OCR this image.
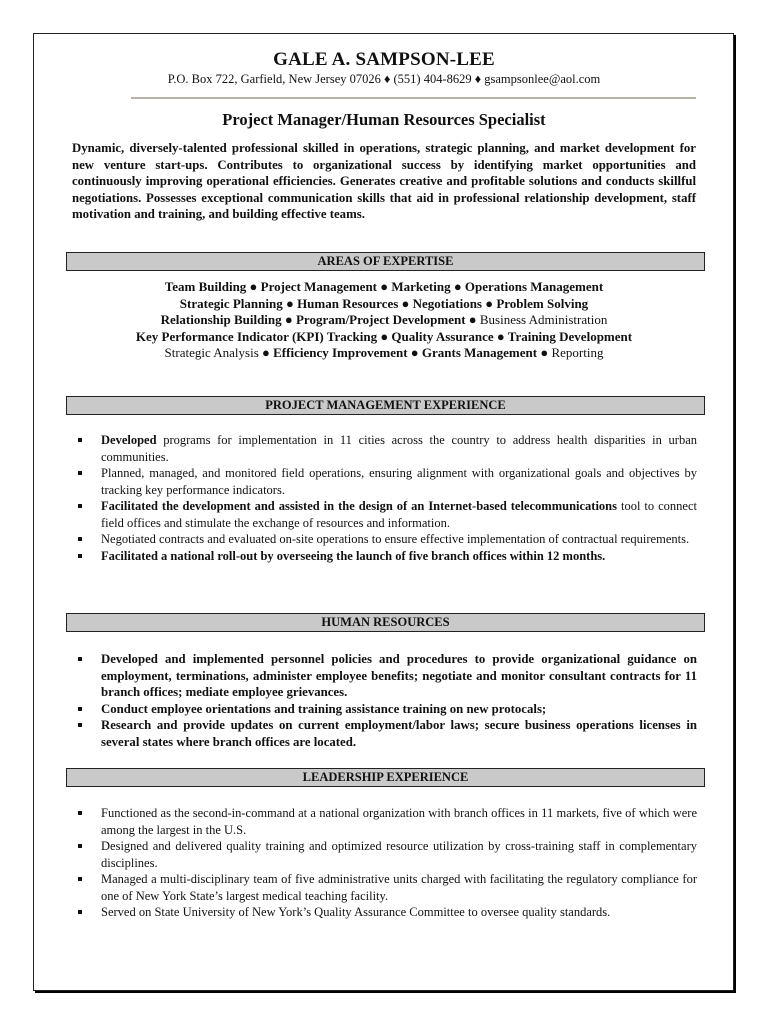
GALE A. SAMPSON-LEE
P.O. Box 722, Garfield, New Jersey 07026 ♦ (551) 404-8629 ♦ gsampsonlee@aol.com
Project Manager/Human Resources Specialist
Dynamic, diversely-talented professional skilled in operations, strategic planning, and market development for new venture start-ups. Contributes to organizational success by identifying market opportunities and continuously improving operational efficiencies. Generates creative and profitable solutions and conducts skillful negotiations. Possesses exceptional communication skills that aid in professional relationship development, staff motivation and training, and building effective teams.
AREAS OF EXPERTISE
Team Building ● Project Management ● Marketing ● Operations Management
Strategic Planning ● Human Resources ● Negotiations ● Problem Solving
Relationship Building ● Program/Project Development ● Business Administration
Key Performance Indicator (KPI) Tracking ● Quality Assurance ● Training Development
Strategic Analysis ● Efficiency Improvement ● Grants Management ● Reporting
PROJECT MANAGEMENT EXPERIENCE
Developed programs for implementation in 11 cities across the country to address health disparities in urban communities.
Planned, managed, and monitored field operations, ensuring alignment with organizational goals and objectives by tracking key performance indicators.
Facilitated the development and assisted in the design of an Internet-based telecommunications tool to connect field offices and stimulate the exchange of resources and information.
Negotiated contracts and evaluated on-site operations to ensure effective implementation of contractual requirements.
Facilitated a national roll-out by overseeing the launch of five branch offices within 12 months.
HUMAN RESOURCES
Developed and implemented personnel policies and procedures to provide organizational guidance on employment, terminations, administer employee benefits; negotiate and monitor consultant contracts for 11 branch offices; mediate employee grievances.
Conduct employee orientations and training assistance training on new protocals;
Research and provide updates on current employment/labor laws; secure business operations licenses in several states where branch offices are located.
LEADERSHIP EXPERIENCE
Functioned as the second-in-command at a national organization with branch offices in 11 markets, five of which were among the largest in the U.S.
Designed and delivered quality training and optimized resource utilization by cross-training staff in complementary disciplines.
Managed a multi-disciplinary team of five administrative units charged with facilitating the regulatory compliance for one of New York State’s largest medical teaching facility.
Served on State University of New York’s Quality Assurance Committee to oversee quality standards.
